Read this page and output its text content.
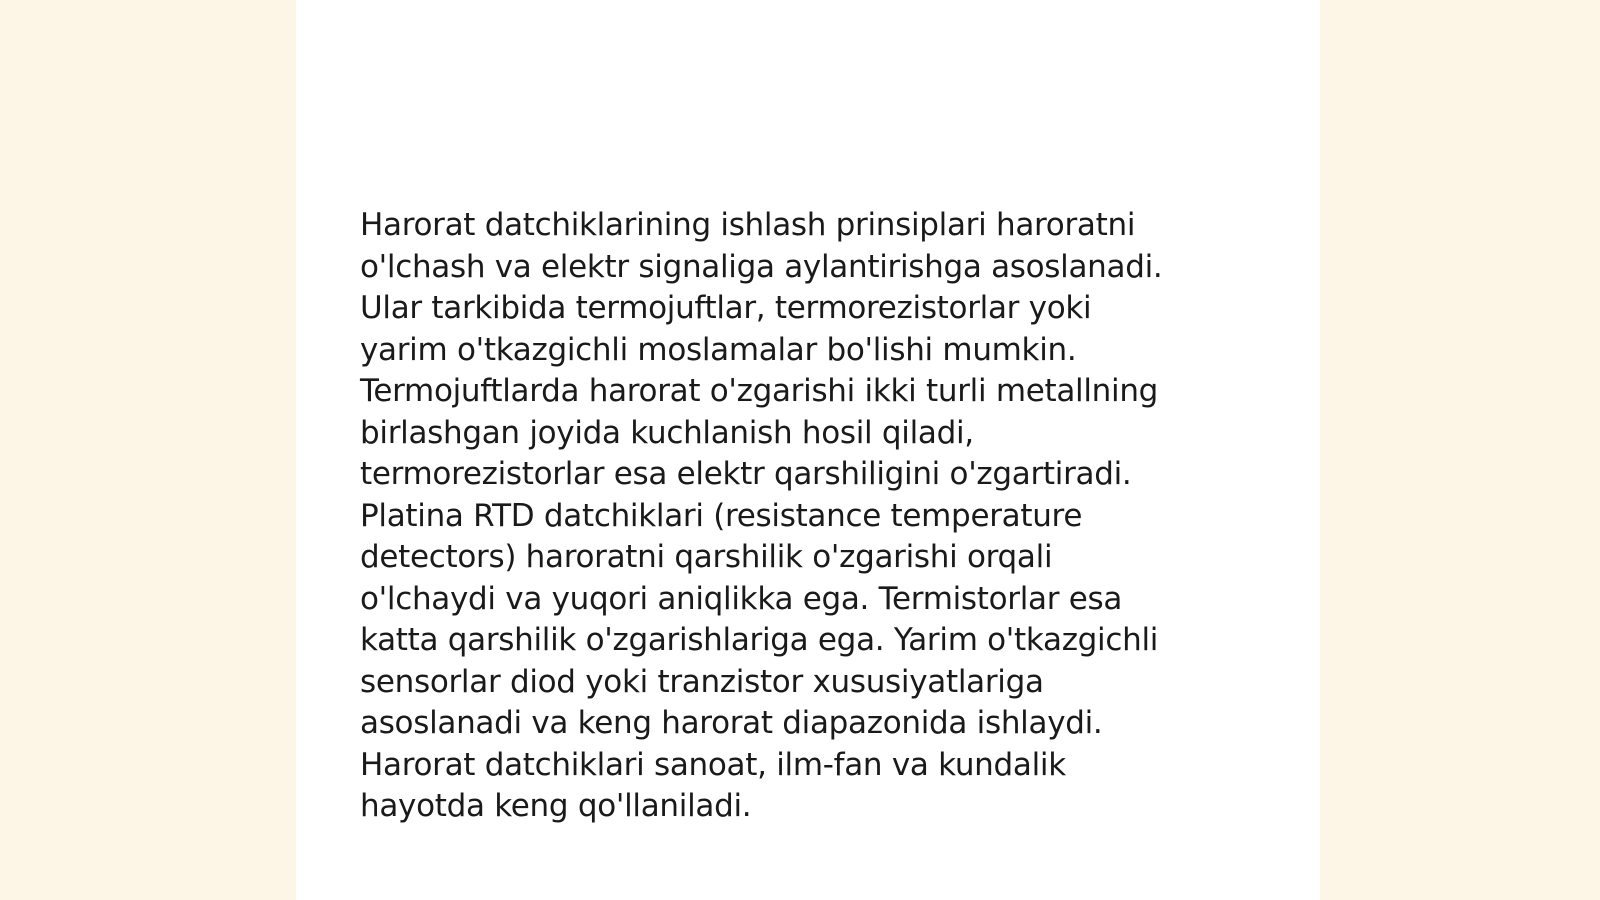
Harorat datchiklarining ishlash prinsiplari haroratni
o'lchash va elektr signaliga aylantirishga asoslanadi.
Ular tarkibida termojuftlar, termorezistorlar yoki
yarim o'tkazgichli moslamalar bo'lishi mumkin.
Termojuftlarda harorat o'zgarishi ikki turli metallning
birlashgan joyida kuchlanish hosil qiladi,
termorezistorlar esa elektr qarshiligini o'zgartiradi.
Platina RTD datchiklari (resistance temperature
detectors) haroratni qarshilik o'zgarishi orqali
o'lchaydi va yuqori aniqlikka ega. Termistorlar esa
katta qarshilik o'zgarishlariga ega. Yarim o'tkazgichli
sensorlar diod yoki tranzistor xususiyatlariga
asoslanadi va keng harorat diapazonida ishlaydi.
Harorat datchiklari sanoat, ilm-fan va kundalik
hayotda keng qo'llaniladi.
